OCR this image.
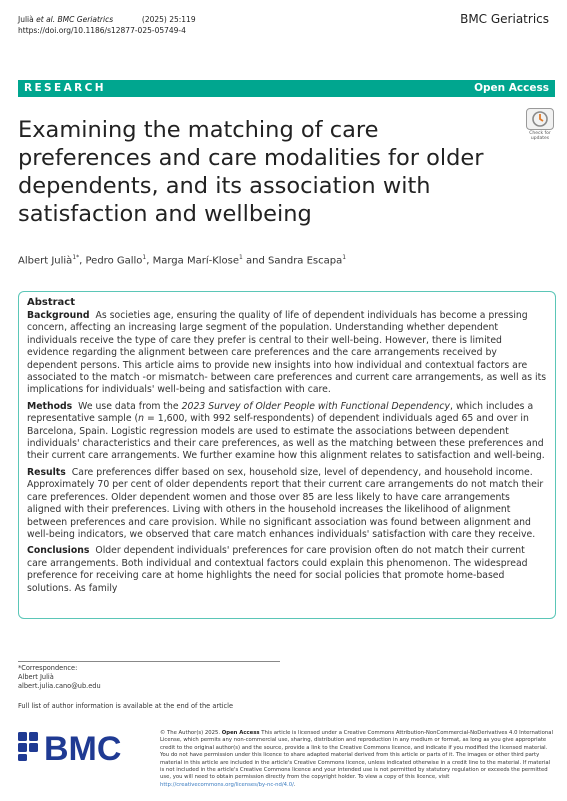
Julià et al. BMC Geriatrics	(2025) 25:119
https://doi.org/10.1186/s12877-025-05749-4
BMC Geriatrics
RESEARCH	Open Access
Examining the matching of care preferences and care modalities for older dependents, and its association with satisfaction and wellbeing
Check for
updates
Albert Julià$^{1*}$, Pedro Gallo$^1$, Marga Marí-Klose$^1$ and Sandra Escapa$^1$
Abstract

Background As societies age, ensuring the quality of life of dependent individuals has become a pressing concern, affecting an increasing large segment of the population. Understanding whether dependent individuals receive the type of care they prefer is central to their well-being. However, there is limited evidence regarding the alignment between care preferences and the care arrangements received by dependent persons. This article aims to provide new insights into how individual and contextual factors are associated to the match -or mismatch- between care preferences and current care arrangements, as well as its implications for individuals' well-being and satisfaction with care.

Methods We use data from the 2023 Survey of Older People with Functional Dependency, which includes a representative sample (n = 1,600, with 992 self-respondents) of dependent individuals aged 65 and over in Barcelona, Spain. Logistic regression models are used to estimate the associations between dependent individuals' characteristics and their care preferences, as well as the matching between these preferences and their current care arrangements. We further examine how this alignment relates to satisfaction and well-being.

Results Care preferences differ based on sex, household size, level of dependency, and household income. Approximately 70 per cent of older dependents report that their current care arrangements do not match their care preferences. Older dependent women and those over 85 are less likely to have care arrangements aligned with their preferences. Living with others in the household increases the likelihood of alignment between preferences and care provision. While no significant association was found between alignment and well-being indicators, we observed that care match enhances individuals' satisfaction with care they receive.

Conclusions Older dependent individuals' preferences for care provision often do not match their current care arrangements. Both individual and contextual factors could explain this phenomenon. The widespread preference for receiving care at home highlights the need for social policies that promote home-based solutions. As family

*Correspondence:
Albert Julià
albert.julia.cano@ub.edu
Full list of author information is available at the end of the article
BMC	© The Author(s) 2025. Open Access This article is licensed under a Creative Commons Attribution-NonCommercial-NoDerivatives 4.0 International License, which permits any non-commercial use, sharing, distribution and reproduction in any medium or format, as long as you give appropriate credit to the original author(s) and the source, provide a link to the Creative Commons licence, and indicate if you modified the licensed material. You do not have permission under this licence to share adapted material derived from this article or parts of it. The images or other third party material in this article are included in the article's Creative Commons licence, unless indicated otherwise in a credit line to the material. If material is not included in the article's Creative Commons licence and your intended use is not permitted by statutory regulation or exceeds the permitted use, you will need to obtain permission directly from the copyright holder. To view a copy of this licence, visit http://creativecommons.org/licenses/by-nc-nd/4.0/.
